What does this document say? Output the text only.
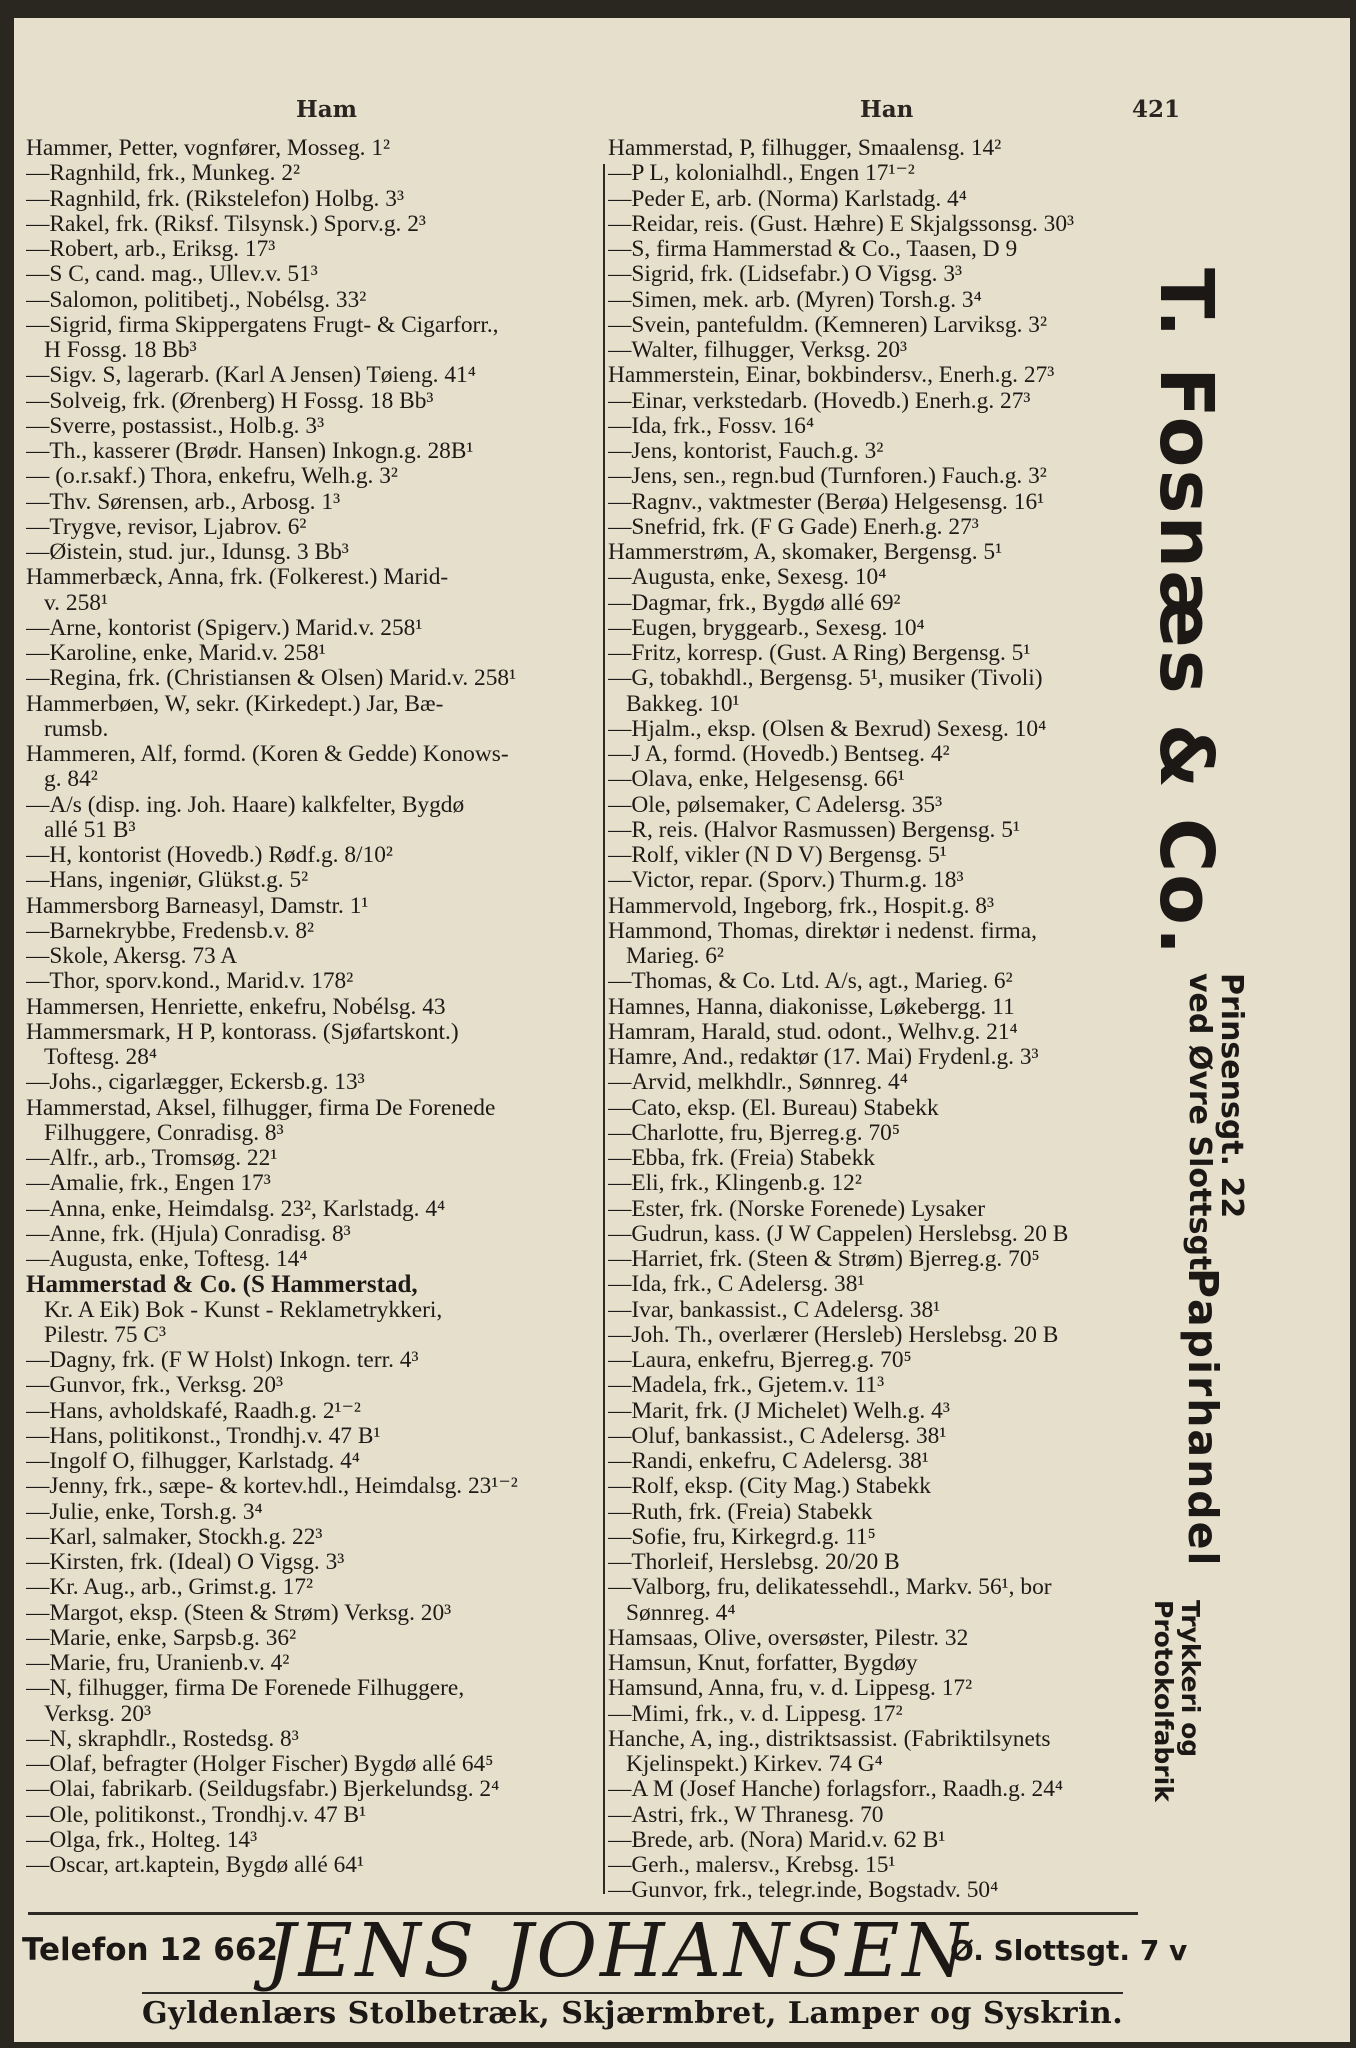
Ham	Han	421
Hammer, Petter, vognfører, Mosseg. 1²
—Ragnhild, frk., Munkeg. 2²
—Ragnhild, frk. (Rikstelefon) Holbg. 3³
—Rakel, frk. (Riksf. Tilsynsk.) Sporv.g. 2³
—Robert, arb., Eriksg. 17³
—S C, cand. mag., Ullev.v. 51³
—Salomon, politibetj., Nobélsg. 33²
—Sigrid, firma Skippergatens Frugt- & Cigarforr.,
H Fossg. 18 Bb³
—Sigv. S, lagerarb. (Karl A Jensen) Tøieng. 41⁴
—Solveig, frk. (Ørenberg) H Fossg. 18 Bb³
—Sverre, postassist., Holb.g. 3³
—Th., kasserer (Brødr. Hansen) Inkogn.g. 28B¹
— (o.r.sakf.) Thora, enkefru, Welh.g. 3²
—Thv. Sørensen, arb., Arbosg. 1³
—Trygve, revisor, Ljabrov. 6²
—Øistein, stud. jur., Idunsg. 3 Bb³
Hammerbæck, Anna, frk. (Folkerest.) Marid-
v. 258¹
—Arne, kontorist (Spigerv.) Marid.v. 258¹
—Karoline, enke, Marid.v. 258¹
—Regina, frk. (Christiansen & Olsen) Marid.v. 258¹
Hammerbøen, W, sekr. (Kirkedept.) Jar, Bæ-
rumsb.
Hammeren, Alf, formd. (Koren & Gedde) Konows-
g. 84²
—A/s (disp. ing. Joh. Haare) kalkfelter, Bygdø
allé 51 B³
—H, kontorist (Hovedb.) Rødf.g. 8/10²
—Hans, ingeniør, Glükst.g. 5²
Hammersborg Barneasyl, Damstr. 1¹
—Barnekrybbe, Fredensb.v. 8²
—Skole, Akersg. 73 A
—Thor, sporv.kond., Marid.v. 178²
Hammersen, Henriette, enkefru, Nobélsg. 43
Hammersmark, H P, kontorass. (Sjøfartskont.)
Toftesg. 28⁴
—Johs., cigarlægger, Eckersb.g. 13³
Hammerstad, Aksel, filhugger, firma De Forenede
Filhuggere, Conradisg. 8³
—Alfr., arb., Tromsøg. 22¹
—Amalie, frk., Engen 17³
—Anna, enke, Heimdalsg. 23², Karlstadg. 4⁴
—Anne, frk. (Hjula) Conradisg. 8³
—Augusta, enke, Toftesg. 14⁴
Hammerstad & Co. (S Hammerstad,
Kr. A Eik) Bok - Kunst - Reklametrykkeri,
Pilestr. 75 C³
—Dagny, frk. (F W Holst) Inkogn. terr. 4³
—Gunvor, frk., Verksg. 20³
—Hans, avholdskafé, Raadh.g. 2¹⁻²
—Hans, politikonst., Trondhj.v. 47 B¹
—Ingolf O, filhugger, Karlstadg. 4⁴
—Jenny, frk., sæpe- & kortev.hdl., Heimdalsg. 23¹⁻²
—Julie, enke, Torsh.g. 3⁴
—Karl, salmaker, Stockh.g. 22³
—Kirsten, frk. (Ideal) O Vigsg. 3³
—Kr. Aug., arb., Grimst.g. 17²
—Margot, eksp. (Steen & Strøm) Verksg. 20³
—Marie, enke, Sarpsb.g. 36²
—Marie, fru, Uranienb.v. 4²
—N, filhugger, firma De Forenede Filhuggere,
Verksg. 20³
—N, skraphdlr., Rostedsg. 8³
—Olaf, befragter (Holger Fischer) Bygdø allé 64⁵
—Olai, fabrikarb. (Seildugsfabr.) Bjerkelundsg. 2⁴
—Ole, politikonst., Trondhj.v. 47 B¹
—Olga, frk., Holteg. 14³
—Oscar, art.kaptein, Bygdø allé 64¹
Hammerstad, P, filhugger, Smaalensg. 14²
—P L, kolonialhdl., Engen 17¹⁻²
—Peder E, arb. (Norma) Karlstadg. 4⁴
—Reidar, reis. (Gust. Hæhre) E Skjalgssonsg. 30³
—S, firma Hammerstad & Co., Taasen, D 9
—Sigrid, frk. (Lidsefabr.) O Vigsg. 3³
—Simen, mek. arb. (Myren) Torsh.g. 3⁴
—Svein, pantefuldm. (Kemneren) Larviksg. 3²
—Walter, filhugger, Verksg. 20³
Hammerstein, Einar, bokbindersv., Enerh.g. 27³
—Einar, verkstedarb. (Hovedb.) Enerh.g. 27³
—Ida, frk., Fossv. 16⁴
—Jens, kontorist, Fauch.g. 3²
—Jens, sen., regn.bud (Turnforen.) Fauch.g. 3²
—Ragnv., vaktmester (Berøa) Helgesensg. 16¹
—Snefrid, frk. (F G Gade) Enerh.g. 27³
Hammerstrøm, A, skomaker, Bergensg. 5¹
—Augusta, enke, Sexesg. 10⁴
—Dagmar, frk., Bygdø allé 69²
—Eugen, bryggearb., Sexesg. 10⁴
—Fritz, korresp. (Gust. A Ring) Bergensg. 5¹
—G, tobakhdl., Bergensg. 5¹, musiker (Tivoli)
Bakkeg. 10¹
—Hjalm., eksp. (Olsen & Bexrud) Sexesg. 10⁴
—J A, formd. (Hovedb.) Bentseg. 4²
—Olava, enke, Helgesensg. 66¹
—Ole, pølsemaker, C Adelersg. 35³
—R, reis. (Halvor Rasmussen) Bergensg. 5¹
—Rolf, vikler (N D V) Bergensg. 5¹
—Victor, repar. (Sporv.) Thurm.g. 18³
Hammervold, Ingeborg, frk., Hospit.g. 8³
Hammond, Thomas, direktør i nedenst. firma,
Marieg. 6²
—Thomas, & Co. Ltd. A/s, agt., Marieg. 6²
Hamnes, Hanna, diakonisse, Løkebergg. 11
Hamram, Harald, stud. odont., Welhv.g. 21⁴
Hamre, And., redaktør (17. Mai) Frydenl.g. 3³
—Arvid, melkhdlr., Sønnreg. 4⁴
—Cato, eksp. (El. Bureau) Stabekk
—Charlotte, fru, Bjerreg.g. 70⁵
—Ebba, frk. (Freia) Stabekk
—Eli, frk., Klingenb.g. 12²
—Ester, frk. (Norske Forenede) Lysaker
—Gudrun, kass. (J W Cappelen) Herslebsg. 20 B
—Harriet, frk. (Steen & Strøm) Bjerreg.g. 70⁵
—Ida, frk., C Adelersg. 38¹
—Ivar, bankassist., C Adelersg. 38¹
—Joh. Th., overlærer (Hersleb) Herslebsg. 20 B
—Laura, enkefru, Bjerreg.g. 70⁵
—Madela, frk., Gjetem.v. 11³
—Marit, frk. (J Michelet) Welh.g. 4³
—Oluf, bankassist., C Adelersg. 38¹
—Randi, enkefru, C Adelersg. 38¹
—Rolf, eksp. (City Mag.) Stabekk
—Ruth, frk. (Freia) Stabekk
—Sofie, fru, Kirkegrd.g. 11⁵
—Thorleif, Herslebsg. 20/20 B
—Valborg, fru, delikatessehdl., Markv. 56¹, bor
Sønnreg. 4⁴
Hamsaas, Olive, oversøster, Pilestr. 32
Hamsun, Knut, forfatter, Bygdøy
Hamsund, Anna, fru, v. d. Lippesg. 17²
—Mimi, frk., v. d. Lippesg. 17²
Hanche, A, ing., distriktsassist. (Fabriktilsynets
Kjelinspekt.) Kirkev. 74 G⁴
—A M (Josef Hanche) forlagsforr., Raadh.g. 24⁴
—Astri, frk., W Thranesg. 70
—Brede, arb. (Nora) Marid.v. 62 B¹
—Gerh., malersv., Krebsg. 15¹
—Gunvor, frk., telegr.inde, Bogstadv. 50⁴
T. Fosnæs & Co.
Prinsensgt. 22
ved Øvre Slottsgt.
Papirhandel
Trykkeri og
Protokolfabrik
Telefon 12 662
JENS JOHANSEN
Ø. Slottsgt. 7 v
Gyldenlærs Stolbetræk, Skjærmbret, Lamper og Syskrin.
